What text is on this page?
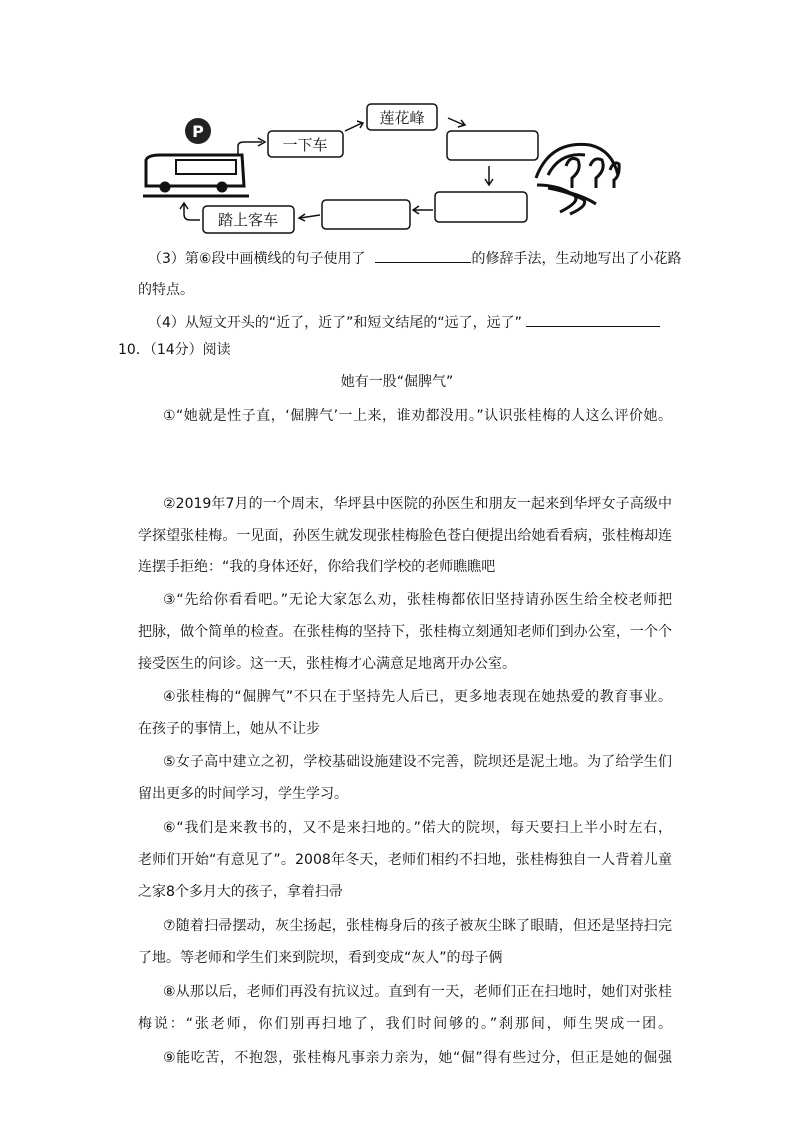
P
一下车
莲花峰
踏上客车
（3）第⑥段中画横线的句子使用了	的修辞手法，生动地写出了小花路
的特点。
（4）从短文开头的“近了，近了”和短文结尾的“远了，远了”
10．（14分）阅读
她有一股“倔脾气”
①“她就是性子直，‘倔脾气’一上来，谁劝都没用。”认识张桂梅的人这么评价她。
②2019年7月的一个周末，华坪县中医院的孙医生和朋友一起来到华坪女子高级中
学探望张桂梅。一见面，孙医生就发现张桂梅脸色苍白便提出给她看看病，张桂梅却连
连摆手拒绝：“我的身体还好，你给我们学校的老师瞧瞧吧
③“先给你看看吧。”无论大家怎么劝，张桂梅都依旧坚持请孙医生给全校老师把
把脉，做个简单的检查。在张桂梅的坚持下，张桂梅立刻通知老师们到办公室，一个个
接受医生的问诊。这一天，张桂梅才心满意足地离开办公室。
④张桂梅的“倔脾气”不只在于坚持先人后已，更多地表现在她热爱的教育事业。
在孩子的事情上，她从不让步
⑤女子高中建立之初，学校基础设施建设不完善，院坝还是泥土地。为了给学生们
留出更多的时间学习，学生学习。
⑥“我们是来教书的，又不是来扫地的。”偌大的院坝，每天要扫上半小时左右，
老师们开始“有意见了”。2008年冬天，老师们相约不扫地，张桂梅独自一人背着儿童
之家8个多月大的孩子，拿着扫帚
⑦随着扫帚摆动，灰尘扬起，张桂梅身后的孩子被灰尘眯了眼睛，但还是坚持扫完
了地。等老师和学生们来到院坝，看到变成“灰人”的母子俩
⑧从那以后，老师们再没有抗议过。直到有一天，老师们正在扫地时，她们对张桂
梅说：“张老师，你们别再扫地了，我们时间够的。”刹那间，师生哭成一团。
⑨能吃苦，不抱怨，张桂梅凡事亲力亲为，她“倔”得有些过分，但正是她的倔强
